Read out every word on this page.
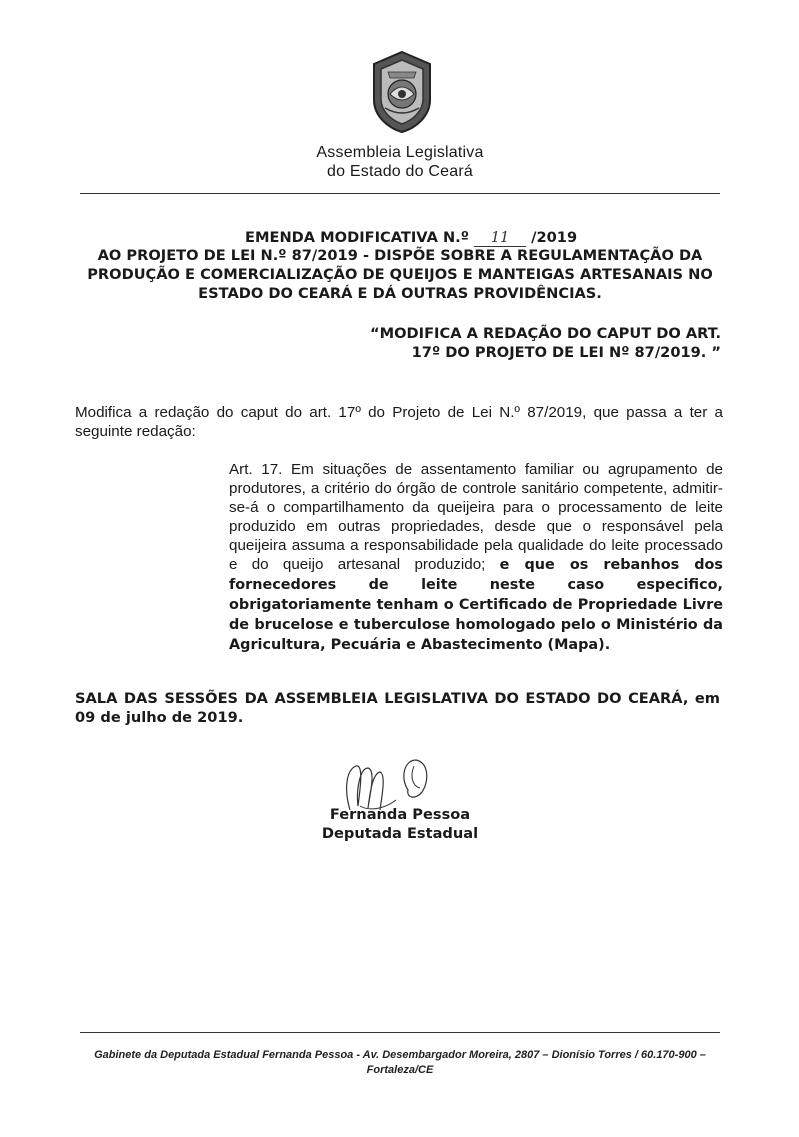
Assembleia Legislativa
do Estado do Ceará
EMENDA MODIFICATIVA N.º 11 /2019
AO PROJETO DE LEI N.º 87/2019 - DISPÕE SOBRE A REGULAMENTAÇÃO DA
PRODUÇÃO E COMERCIALIZAÇÃO DE QUEIJOS E MANTEIGAS ARTESANAIS NO
ESTADO DO CEARÁ E DÁ OUTRAS PROVIDÊNCIAS.
“MODIFICA A REDAÇÃO DO CAPUT DO ART.
17º DO PROJETO DE LEI Nº 87/2019. ”
Modifica a redação do caput do art. 17º do Projeto de Lei N.º 87/2019, que passa a ter a seguinte redação:
Art. 17. Em situações de assentamento familiar ou agrupamento de produtores, a critério do órgão de controle sanitário competente, admitir-se-á o compartilhamento da queijeira para o processamento de leite produzido em outras propriedades, desde que o responsável pela queijeira assuma a responsabilidade pela qualidade do leite processado e do queijo artesanal produzido; e que os rebanhos dos fornecedores de leite neste caso especifico, obrigatoriamente tenham o Certificado de Propriedade Livre de brucelose e tuberculose homologado pelo o Ministério da Agricultura, Pecuária e Abastecimento (Mapa).
SALA DAS SESSÕES DA ASSEMBLEIA LEGISLATIVA DO ESTADO DO CEARÁ, em 09 de julho de 2019.
Fernanda Pessoa
Deputada Estadual
Gabinete da Deputada Estadual Fernanda Pessoa - Av. Desembargador Moreira, 2807 – Dionísio Torres / 60.170-900 –
Fortaleza/CE
